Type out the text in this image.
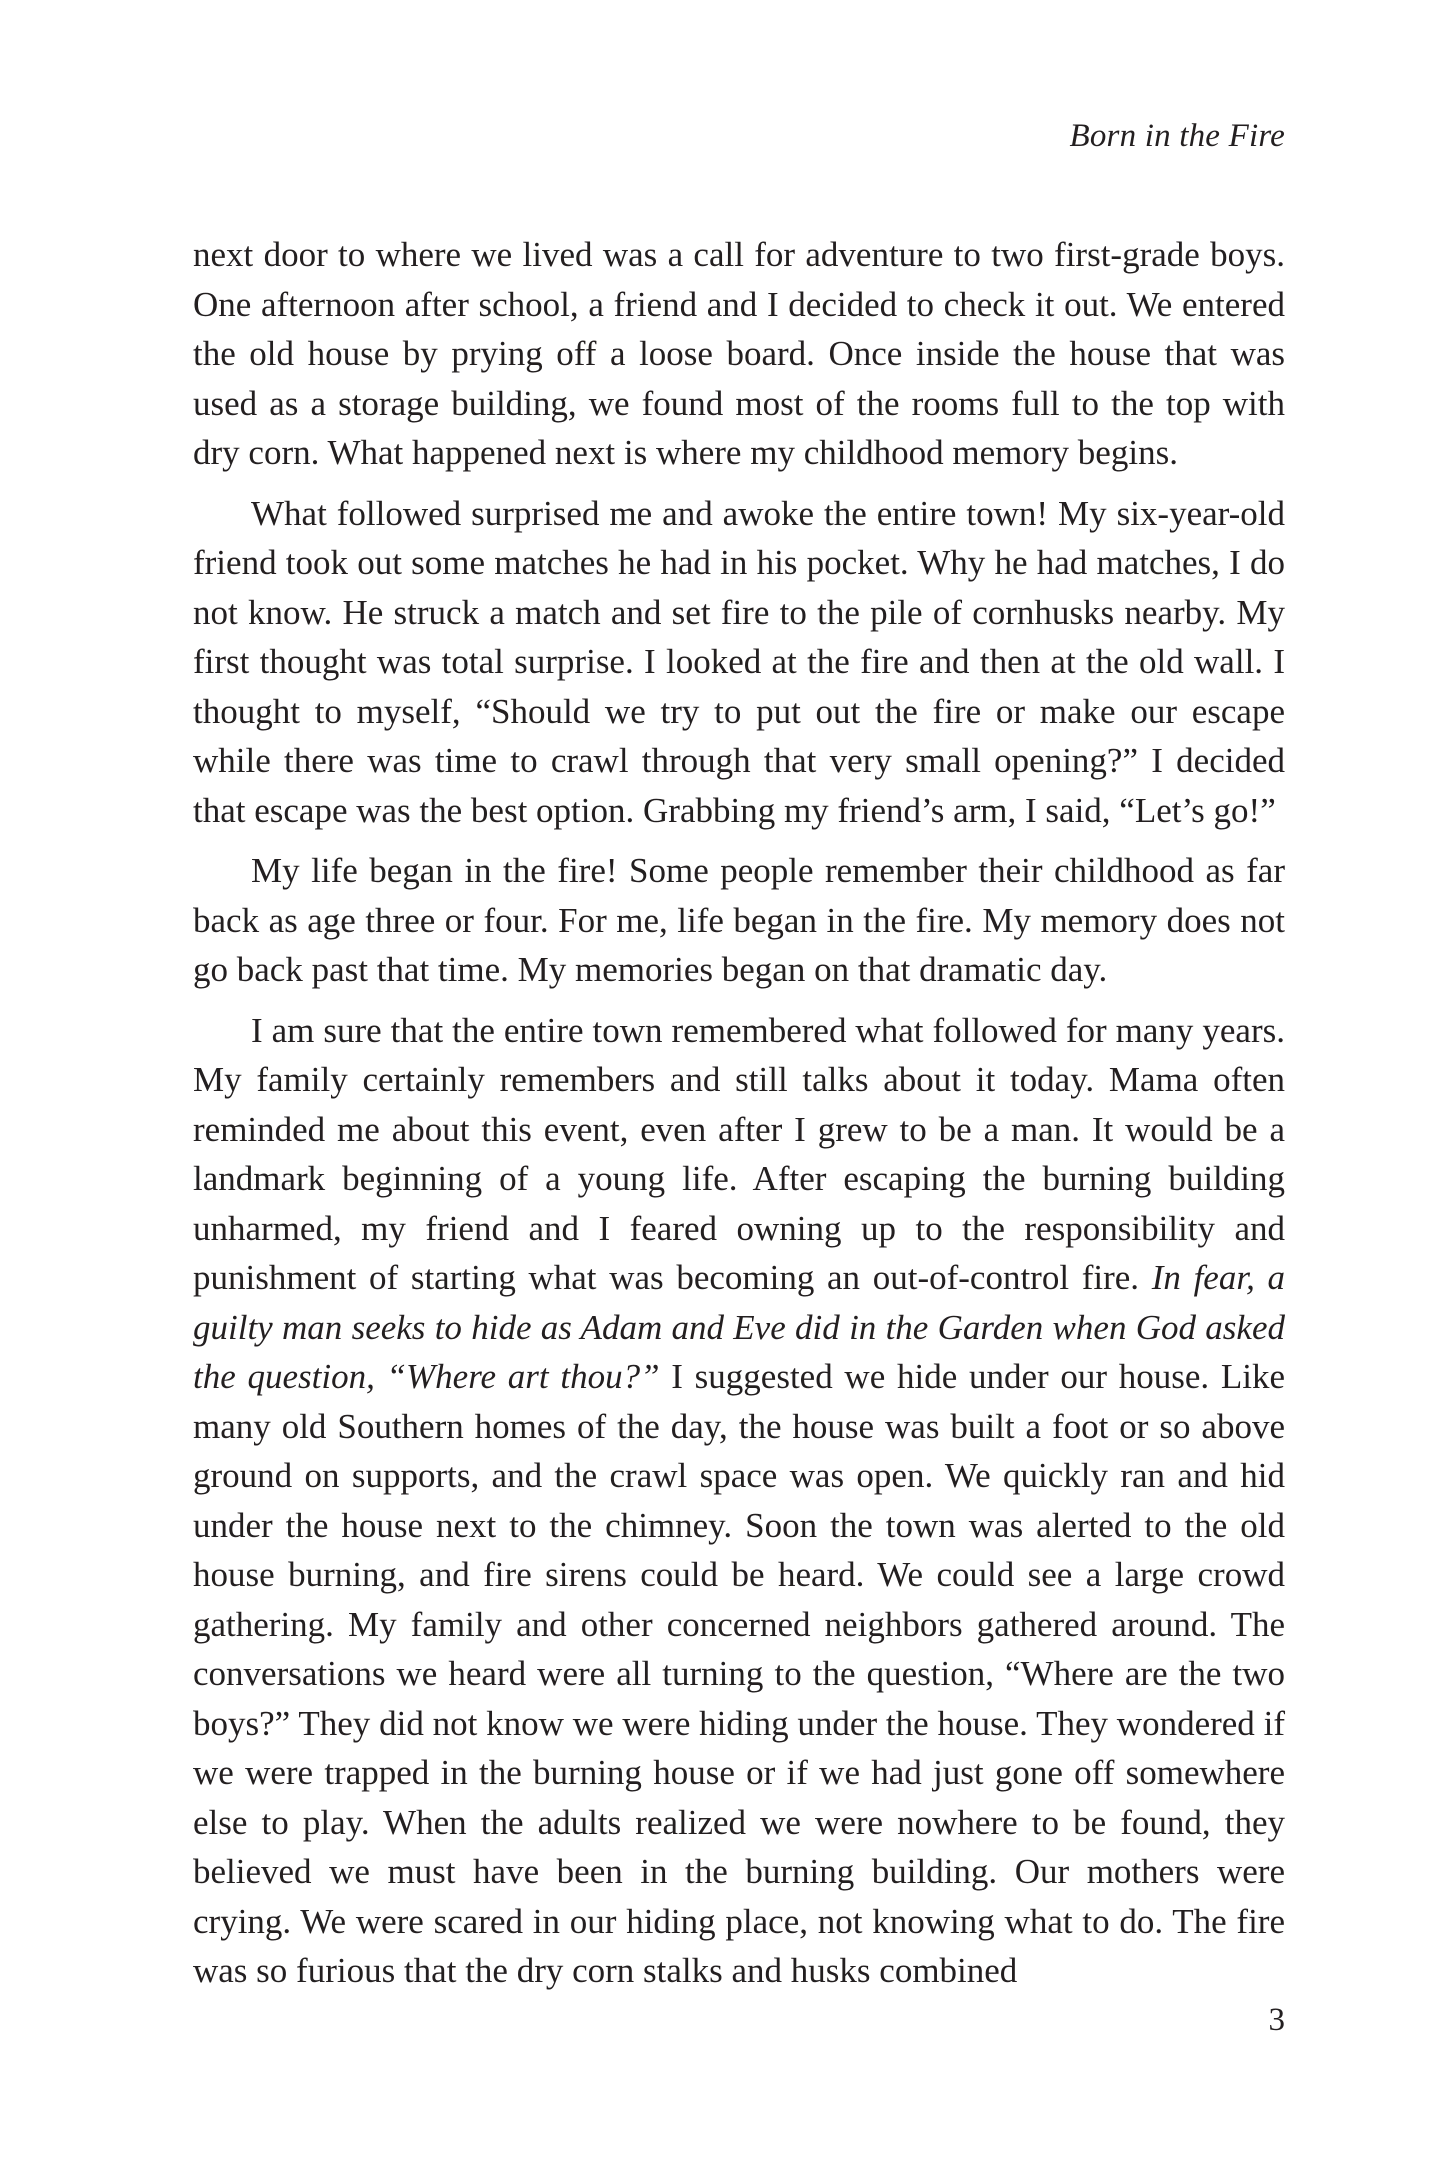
Born in the Fire

next door to where we lived was a call for adventure to two first-grade boys. One afternoon after school, a friend and I decided to check it out. We entered the old house by prying off a loose board. Once inside the house that was used as a storage building, we found most of the rooms full to the top with dry corn. What happened next is where my childhood memory begins.

What followed surprised me and awoke the entire town! My six-year-old friend took out some matches he had in his pocket. Why he had matches, I do not know. He struck a match and set fire to the pile of cornhusks nearby. My first thought was total surprise. I looked at the fire and then at the old wall. I thought to myself, “Should we try to put out the fire or make our escape while there was time to crawl through that very small opening?” I decided that escape was the best option. Grabbing my friend’s arm, I said, “Let’s go!”

My life began in the fire! Some people remember their childhood as far back as age three or four. For me, life began in the fire. My memory does not go back past that time. My memories began on that dramatic day.

I am sure that the entire town remembered what followed for many years. My family certainly remembers and still talks about it today. Mama often reminded me about this event, even after I grew to be a man. It would be a landmark beginning of a young life. After escaping the burning building unharmed, my friend and I feared owning up to the responsibility and punishment of starting what was becoming an out-of-control fire. In fear, a guilty man seeks to hide as Adam and Eve did in the Garden when God asked the question, “Where art thou?” I suggested we hide under our house. Like many old Southern homes of the day, the house was built a foot or so above ground on supports, and the crawl space was open. We quickly ran and hid under the house next to the chimney. Soon the town was alerted to the old house burning, and fire sirens could be heard. We could see a large crowd gathering. My family and other concerned neighbors gathered around. The conversations we heard were all turning to the question, “Where are the two boys?” They did not know we were hiding under the house. They wondered if we were trapped in the burning house or if we had just gone off somewhere else to play. When the adults realized we were nowhere to be found, they believed we must have been in the burning building. Our mothers were crying. We were scared in our hiding place, not knowing what to do. The fire was so furious that the dry corn stalks and husks combined

3
